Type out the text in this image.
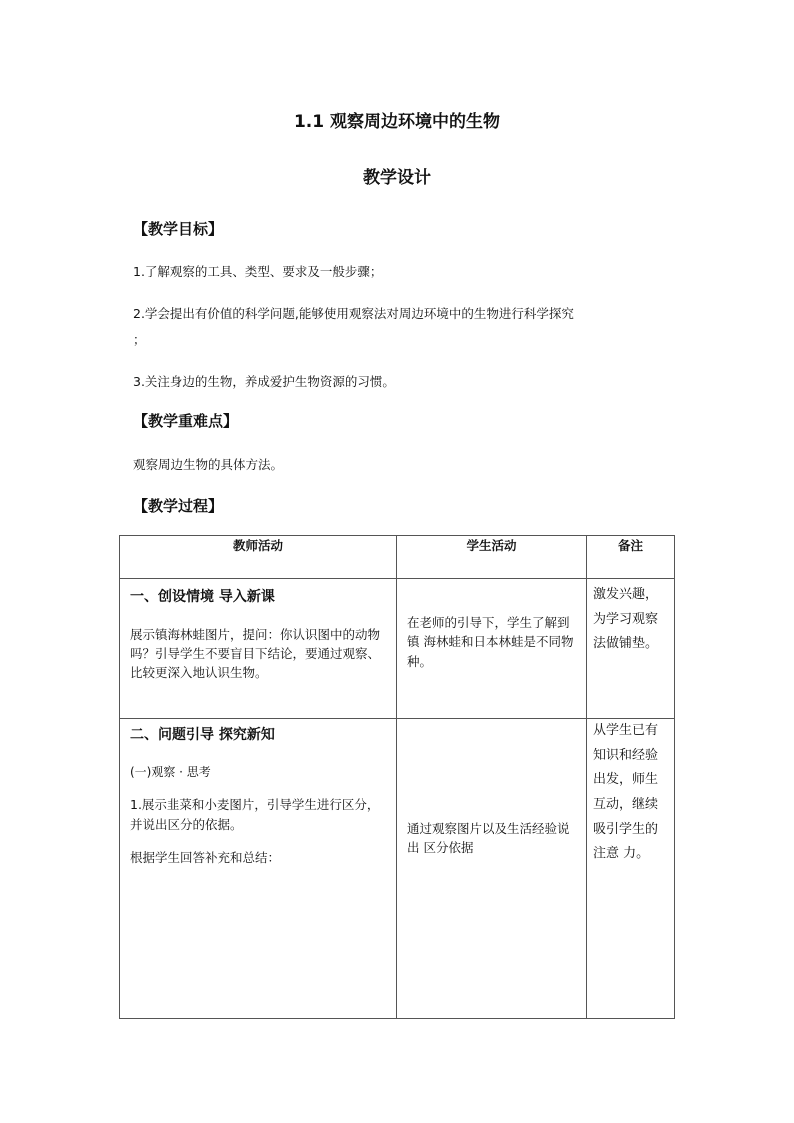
1.1 观察周边环境中的生物
教学设计
【教学目标】
1.了解观察的工具、类型、要求及一般步骤；
2.学会提出有价值的科学问题,能够使用观察法对周边环境中的生物进行科学探究
；
3.关注身边的生物，养成爱护生物资源的习惯。
【教学重难点】
观察周边生物的具体方法。
【教学过程】
教师活动	学生活动	备注

一、创设情境 导入新课
展示镇海林蛙图片，提问：你认识图中的动物吗？引导学生不要盲目下结论，要通过观察、比较更深入地认识生物。	在老师的引导下，学生了解到镇 海林蛙和日本林蛙是不同物种。	激发兴趣，为学习观察法做铺垫。

二、问题引导 探究新知
(一)观察 · 思考
1.展示韭菜和小麦图片，引导学生进行区分，并说出区分的依据。
根据学生回答补充和总结：	通过观察图片以及生活经验说出 区分依据	从学生已有知识和经验出发，师生互动，继续吸引学生的注意 力。
